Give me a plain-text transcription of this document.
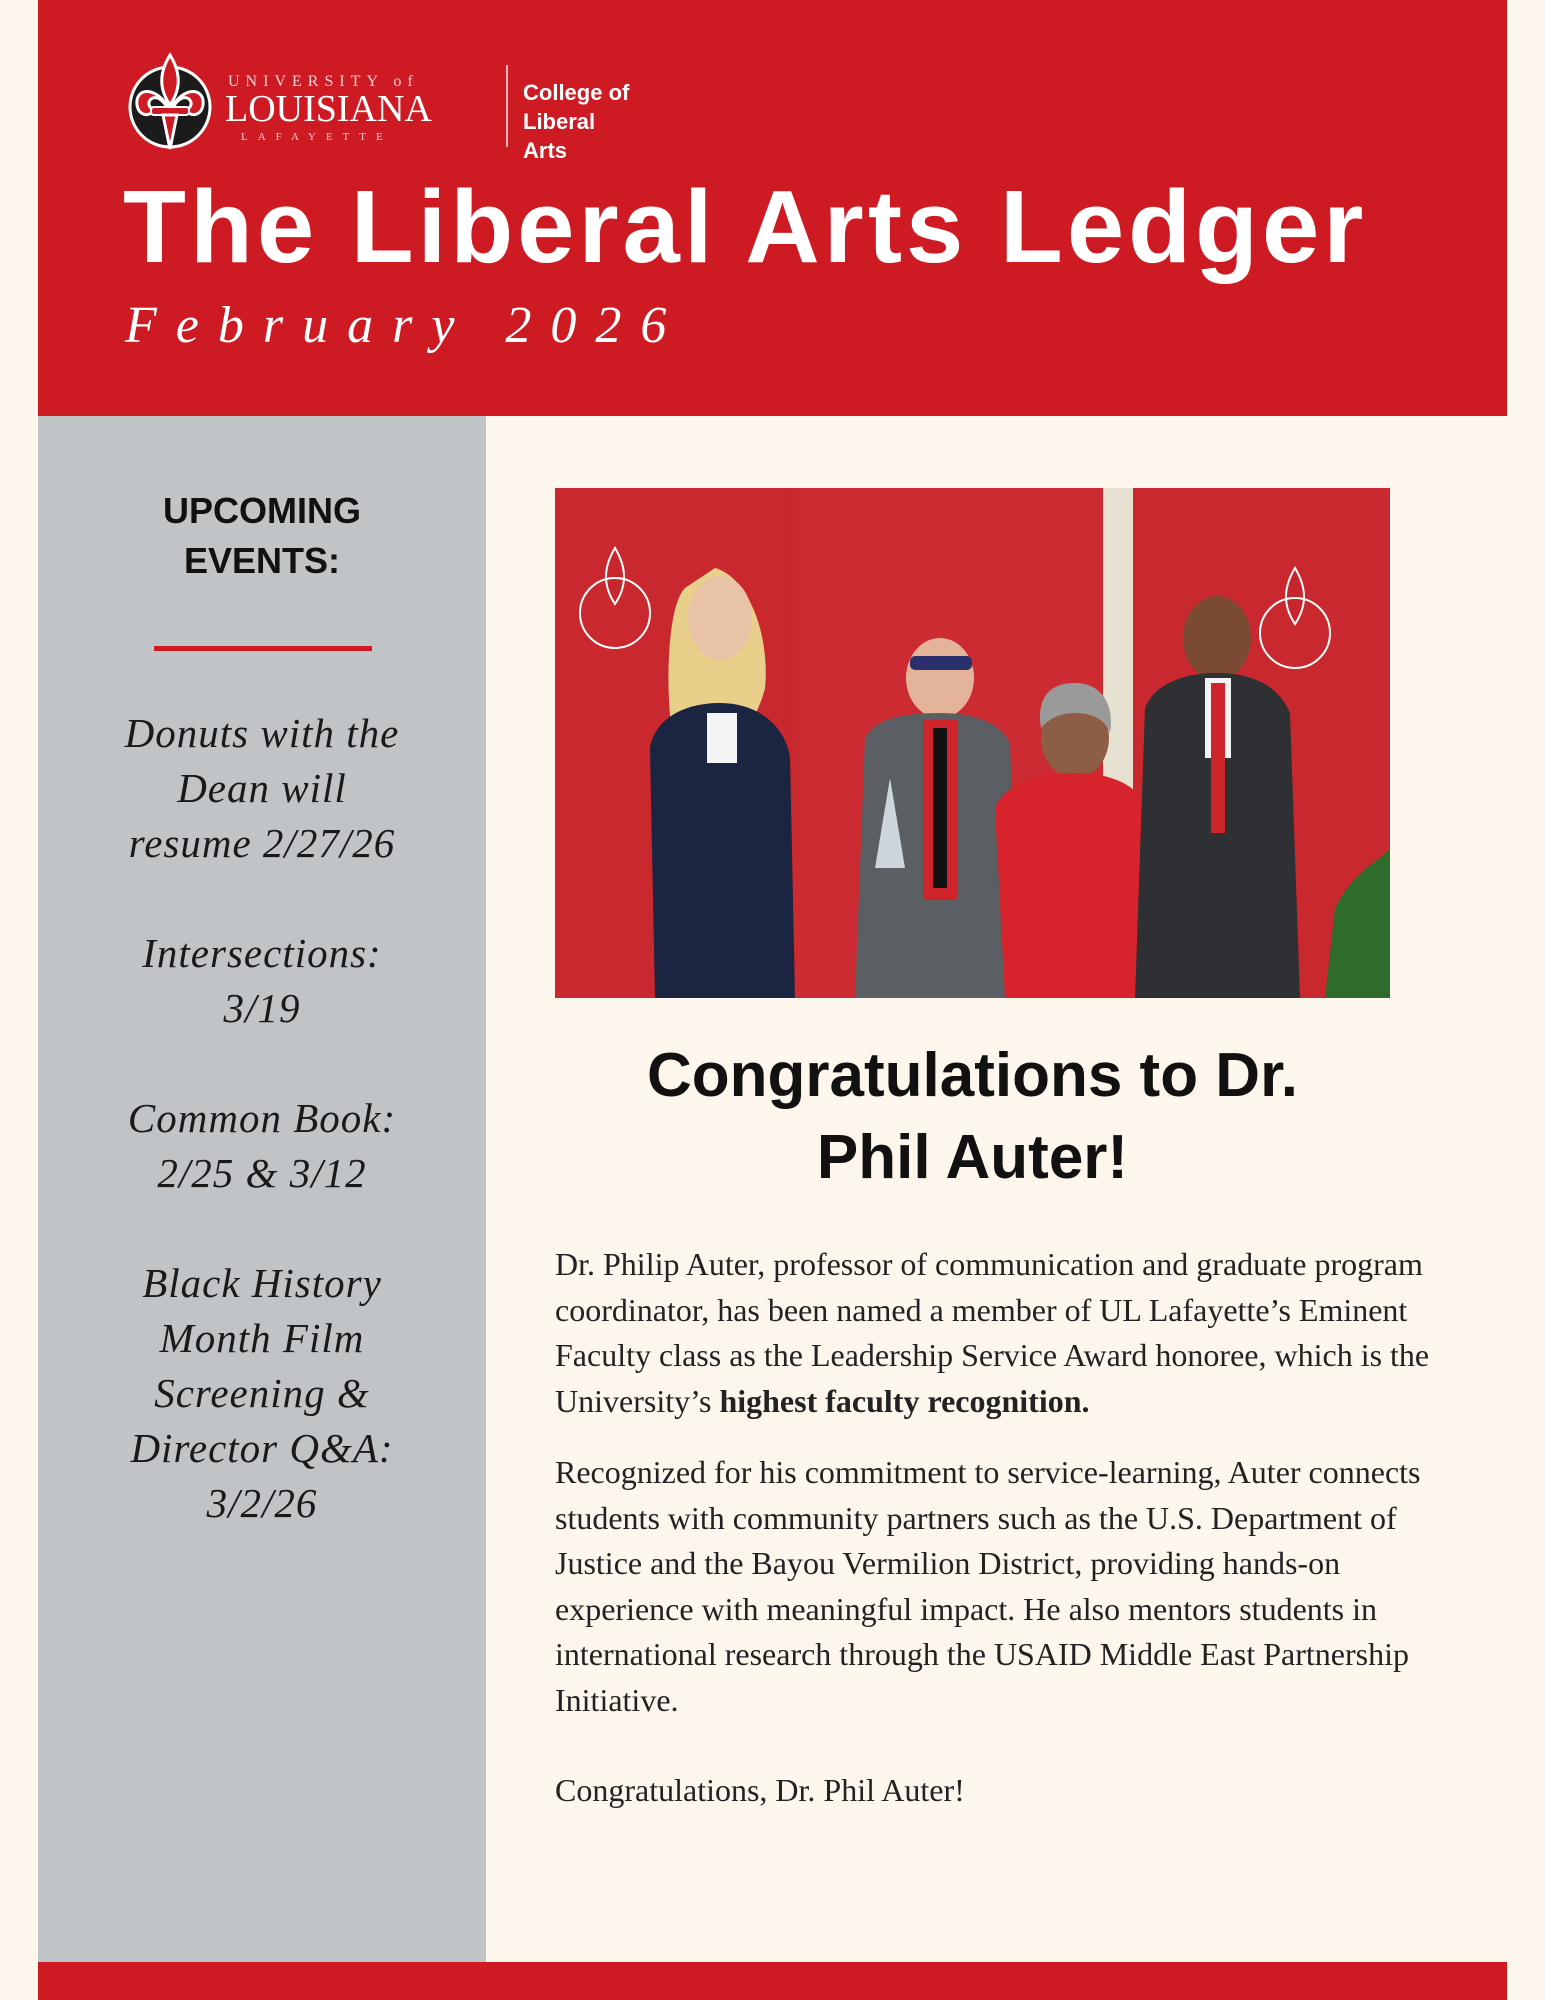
UNIVERSITY of
LOUISIANA
LAFAYETTE
College of
Liberal Arts
The Liberal Arts Ledger
February 2026
UPCOMING
EVENTS:
Donuts with the
Dean will
resume 2/27/26
Intersections:
3/19
Common Book:
2/25 & 3/12
Black History
Month Film
Screening &
Director Q&A:
3/2/26
Congratulations to Dr.
Phil Auter!

Dr. Philip Auter, professor of communication and graduate program coordinator, has been named a member of UL Lafayette’s Eminent Faculty class as the Leadership Service Award honoree, which is the University’s highest faculty recognition.

Recognized for his commitment to service-learning, Auter connects students with community partners such as the U.S. Department of Justice and the Bayou Vermilion District, providing hands-on experience with meaningful impact. He also mentors students in international research through the USAID Middle East Partnership Initiative.

Congratulations, Dr. Phil Auter!
